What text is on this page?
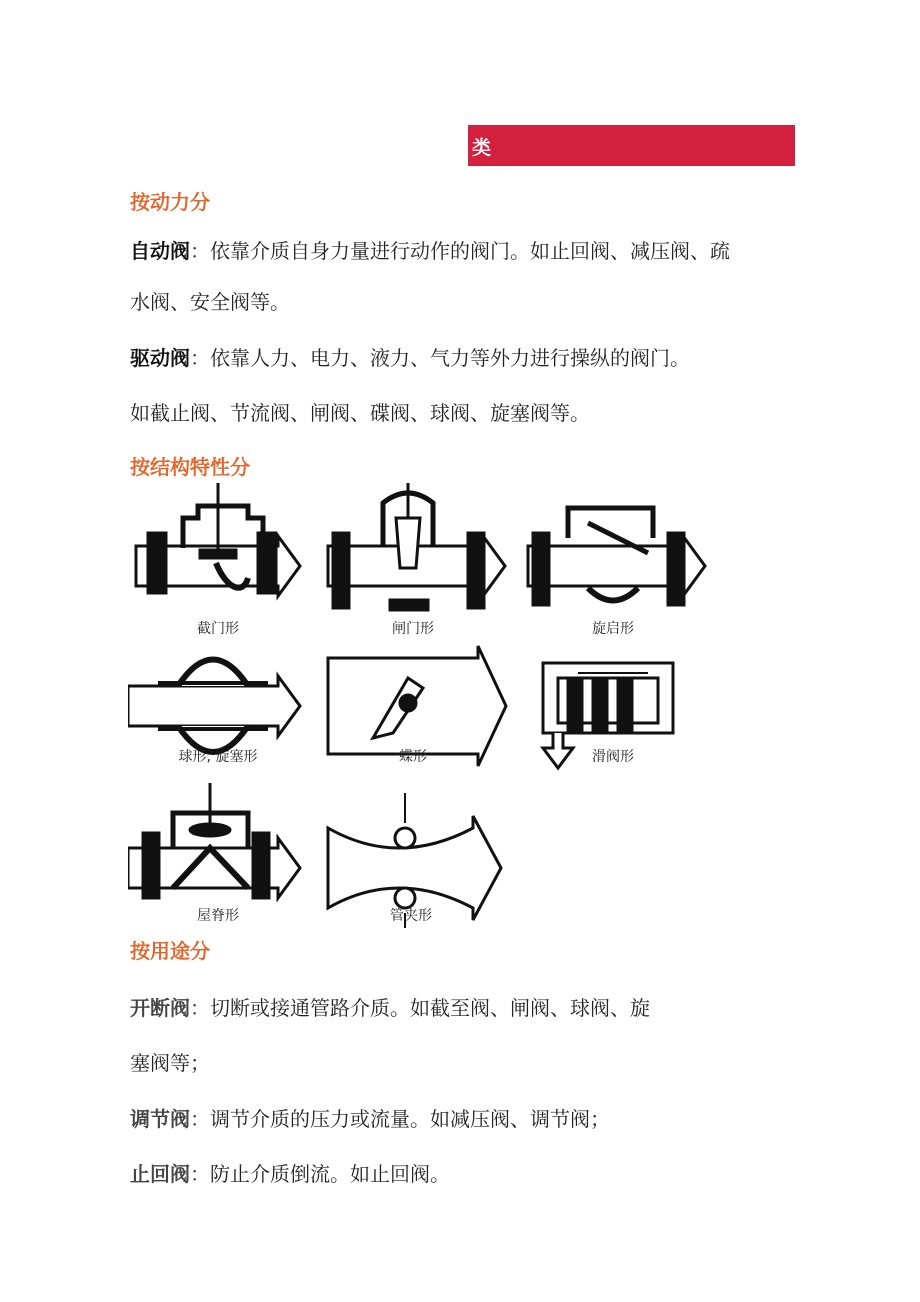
类
按动力分
自动阀：依靠介质自身力量进行动作的阀门。如止回阀、减压阀、疏
水阀、安全阀等。
驱动阀：依靠人力、电力、液力、气力等外力进行操纵的阀门。
如截止阀、节流阀、闸阀、碟阀、球阀、旋塞阀等。
按结构特性分
截门形	闸门形	旋启形
球形, 旋塞形	蝶形	滑阀形
屋脊形	管夹形
按用途分
开断阀：切断或接通管路介质。如截至阀、闸阀、球阀、旋
塞阀等；
调节阀：调节介质的压力或流量。如减压阀、调节阀；
止回阀：防止介质倒流。如止回阀。
